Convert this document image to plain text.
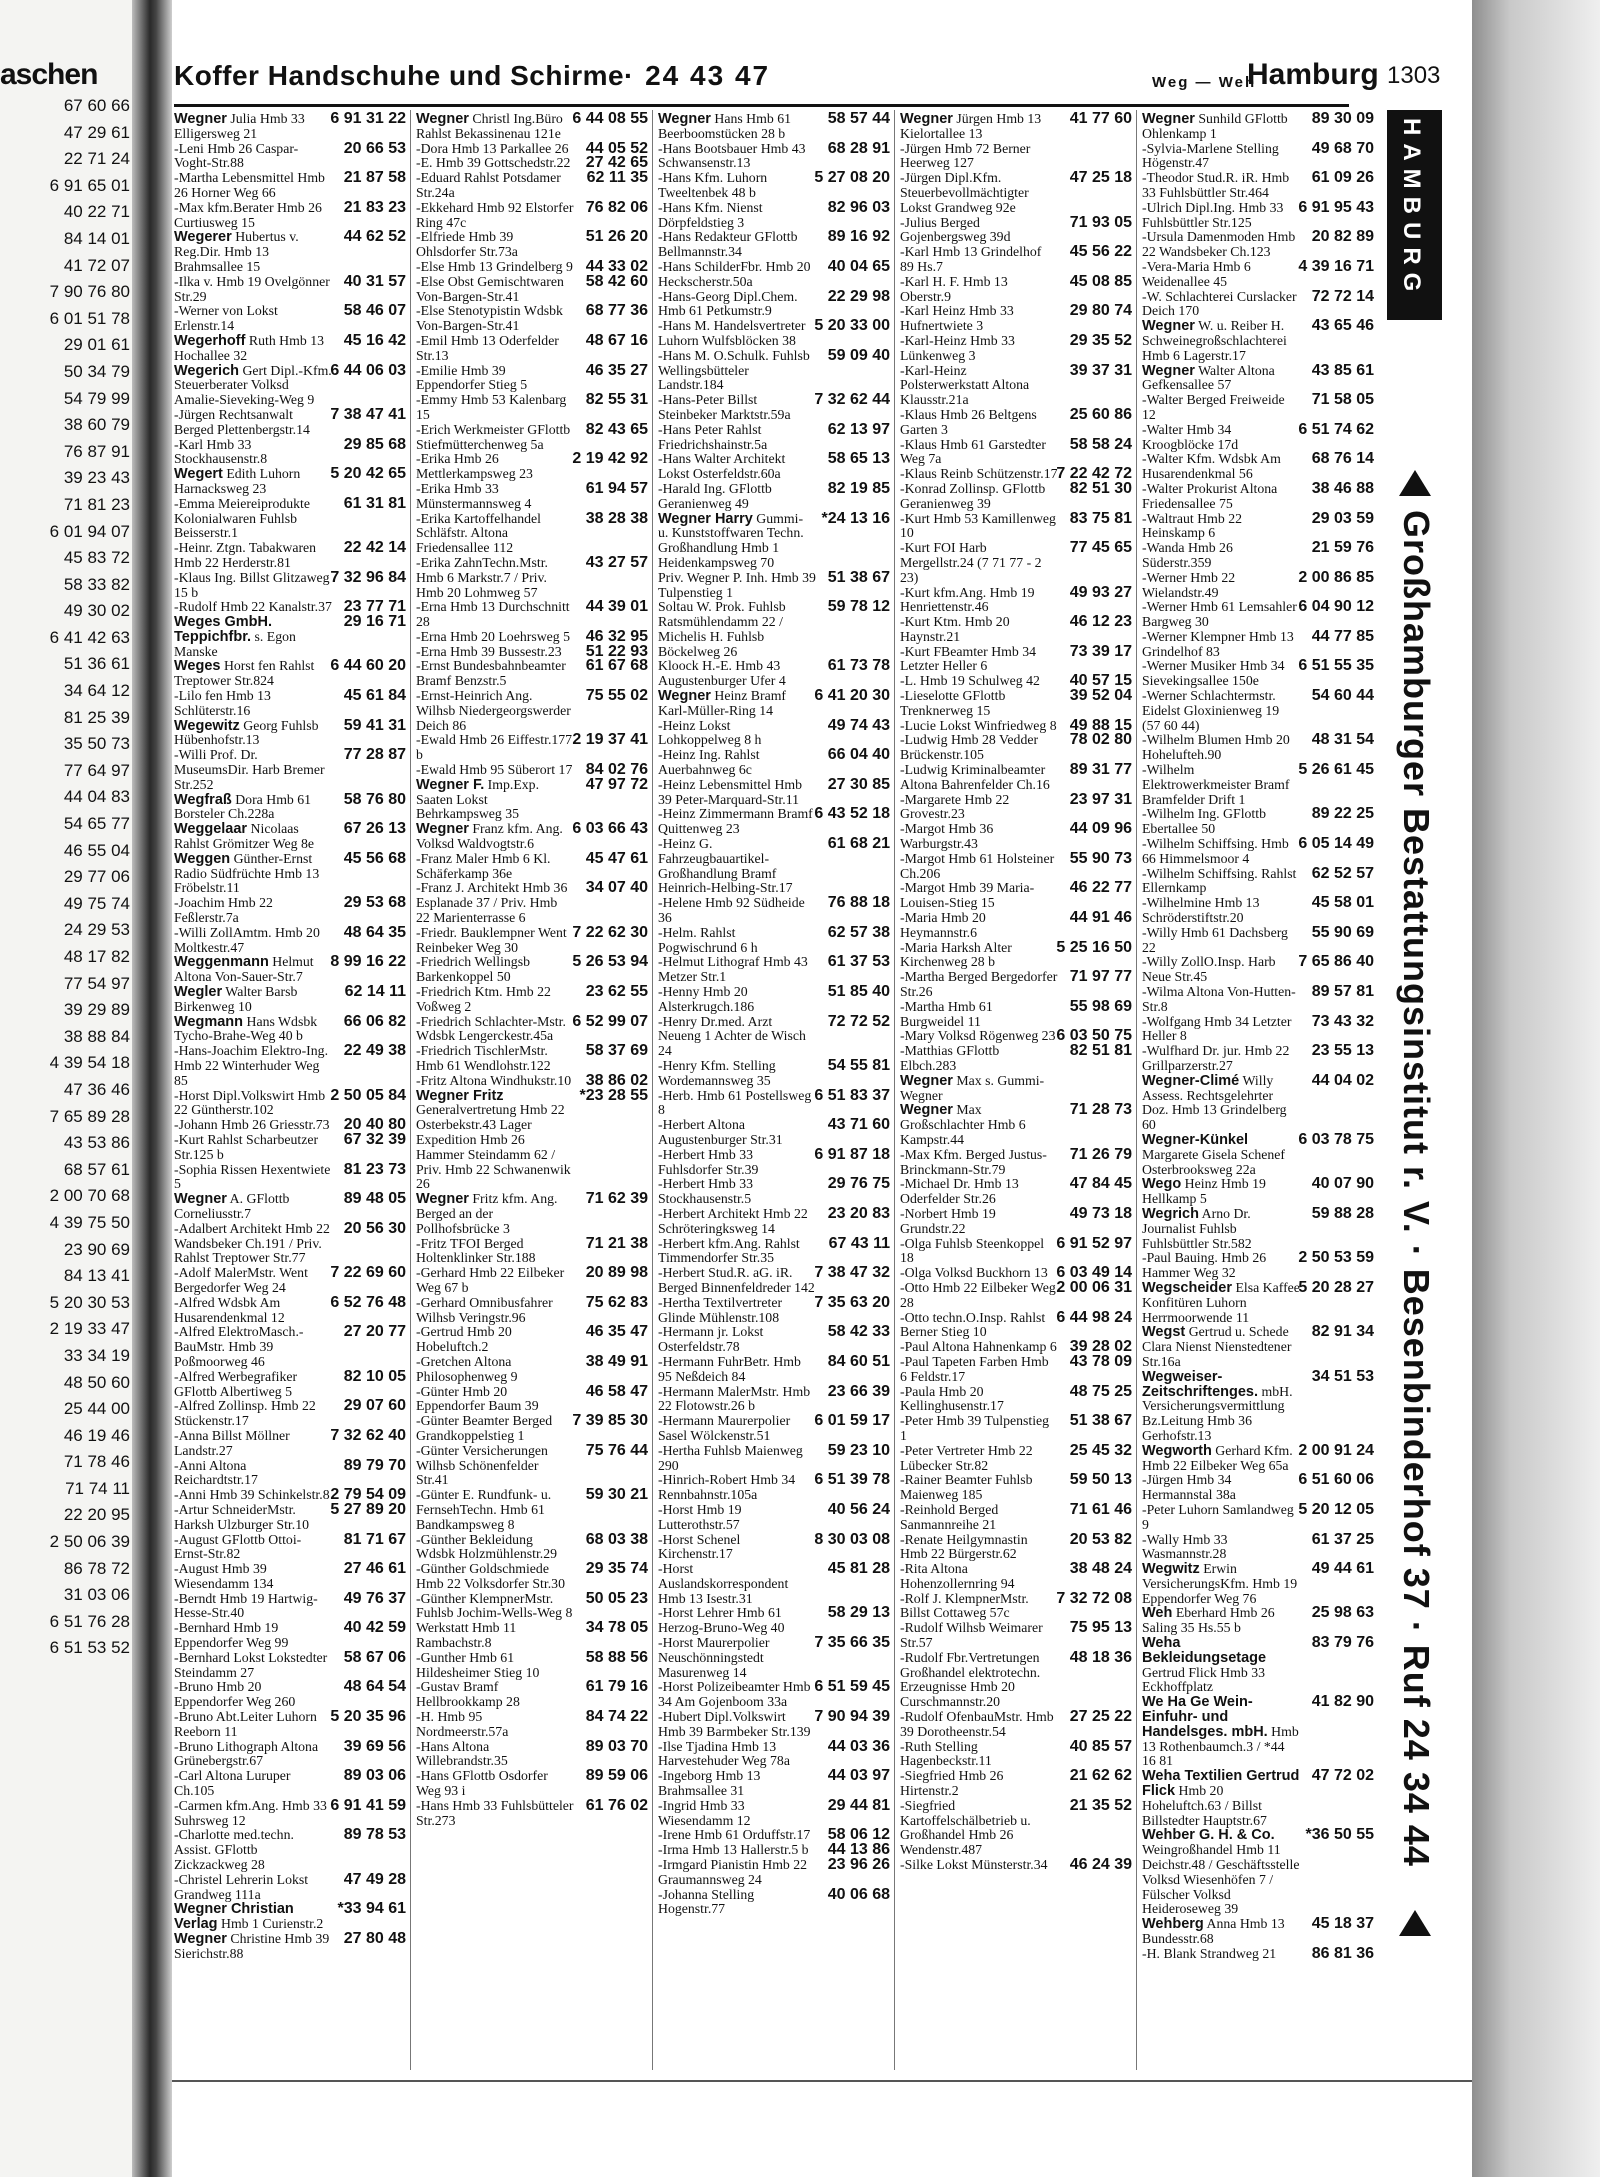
aschen
67 60 66
47 29 61
22 71 24
6 91 65 01
40 22 71
84 14 01
41 72 07
7 90 76 80
6 01 51 78
29 01 61
50 34 79
54 79 99
38 60 79
76 87 91
39 23 43
71 81 23
6 01 94 07
45 83 72
58 33 82
49 30 02
6 41 42 63
51 36 61
34 64 12
81 25 39
35 50 73
77 64 97
44 04 83
54 65 77
46 55 04
29 77 06
49 75 74
24 29 53
48 17 82
77 54 97
39 29 89
38 88 84
4 39 54 18
47 36 46
7 65 89 28
43 53 86
68 57 61
2 00 70 68
4 39 75 50
23 90 69
84 13 41
5 20 30 53
2 19 33 47
33 34 19
48 50 60
25 44 00
46 19 46
71 78 46
71 74 11
22 20 95
2 50 06 39
86 78 72
31 03 06
6 51 76 28
6 51 53 52
Koffer Handschuhe und Schirme · 24 43 47	Weg — Weh
Hamburg 1303
Wegner Julia Hmb 33 Elligersweg 21
6 91 31 22
-Leni Hmb 26 Caspar-Voght-Str.88
20 66 53
-Martha Lebensmittel Hmb 26 Horner Weg 66
21 87 58
-Max kfm.Berater Hmb 26 Curtiusweg 15
21 83 23
Wegerer Hubertus v. Reg.Dir. Hmb 13 Brahmsallee 15
44 62 52
-Ilka v. Hmb 19 Ovelgönner Str.29
40 31 57
-Werner von Lokst Erlenstr.14
58 46 07
Wegerhoff Ruth Hmb 13 Hochallee 32
45 16 42
Wegerich Gert Dipl.-Kfm. Steuerberater Volksd Amalie-Sieveking-Weg 9
6 44 06 03
-Jürgen Rechtsanwalt Berged Plettenbergstr.14
7 38 47 41
-Karl Hmb 33 Stockhausenstr.8
29 85 68
Wegert Edith Luhorn Harnacksweg 23
5 20 42 65
-Emma Meiereiprodukte Kolonialwaren Fuhlsb Beisserstr.1
61 31 81
-Heinr. Ztgn. Tabakwaren Hmb 22 Herderstr.81
22 42 14
-Klaus Ing. Billst Glitzaweg 15 b
7 32 96 84
-Rudolf Hmb 22 Kanalstr.37 23 77 71
Weges GmbH. Teppichfbr. s. Egon Manske
29 16 71
Weges Horst fen Rahlst Treptower Str.824
6 44 60 20
-Lilo fen Hmb 13 Schlüterstr.16
45 61 84
Wegewitz Georg Fuhlsb Hübenhofstr.13
59 41 31
-Willi Prof. Dr. MuseumsDir. Harb Bremer Str.252
77 28 87
Wegfraß Dora Hmb 61 Borsteler Ch.228a
58 76 80
Weggelaar Nicolaas Rahlst Grömitzer Weg 8e
67 26 13
Weggen Günther-Ernst Radio Südfrüchte Hmb 13 Fröbelstr.11
45 56 68
-Joachim Hmb 22 Feßlerstr.7a
29 53 68
-Willi ZollAmtm. Hmb 20 Moltkestr.47
48 64 35
Weggenmann Helmut Altona Von-Sauer-Str.7
8 99 16 22
Wegler Walter Barsb Birkenweg 10
62 14 11
Wegmann Hans Wdsbk Tycho-Brahe-Weg 40 b
66 06 82
-Hans-Joachim Elektro-Ing. Hmb 22 Winterhuder Weg 85
22 49 38
-Horst Dipl.Volkswirt Hmb 22 Güntherstr.102
2 50 05 84
-Johann Hmb 26 Griesstr.73 20 40 80
-Kurt Rahlst Scharbeutzer Str.125 b
67 32 39
-Sophia Rissen Hexentwiete 5
81 23 73
Wegner A. GFlottb Corneliusstr.7
89 48 05
-Adalbert Architekt Hmb 22 Wandsbeker Ch.191 / Priv. Rahlst Treptower Str.77
20 56 30
-Adolf MalerMstr. Went Bergedorfer Weg 24
7 22 69 60
-Alfred Wdsbk Am Husarendenkmal 12
6 52 76 48
-Alfred ElektroMasch.-BauMstr. Hmb 39 Poßmoorweg 46
27 20 77
-Alfred Werbegrafiker GFlottb Albertiweg 5
82 10 05
-Alfred Zollinsp. Hmb 22 Stückenstr.17
29 07 60
-Anna Billst Möllner Landstr.27
7 32 62 40
-Anni Altona Reichardtstr.17
89 79 70
-Anni Hmb 39 Schinkelstr.8 2 79 54 09
-Artur SchneiderMstr. Harksh Ulzburger Str.10
5 27 89 20
-August GFlottb Ottoi-Ernst-Str.82
81 71 67
-August Hmb 39 Wiesendamm 134
27 46 61
-Berndt Hmb 19 Hartwig-Hesse-Str.40
49 76 37
-Bernhard Hmb 19 Eppendorfer Weg 99
40 42 59
-Bernhard Lokst Lokstedter Steindamm 27
58 67 06
-Bruno Hmb 20 Eppendorfer Weg 260
48 64 54
-Bruno Abt.Leiter Luhorn Reeborn 11
5 20 35 96
-Bruno Lithograph Altona Grünebergstr.67
39 69 56
-Carl Altona Luruper Ch.105
89 03 06
-Carmen kfm.Ang. Hmb 33 Suhrsweg 12
6 91 41 59
-Charlotte med.techn. Assist. GFlottb Zickzackweg 28
89 78 53
-Christel Lehrerin Lokst Grandweg 111a
47 49 28
Wegner Christian Verlag Hmb 1 Curienstr.2
*33 94 61
Wegner Christine Hmb 39 Sierichstr.88
27 80 48
Wegner Christl Ing.Büro Rahlst Bekassinenau 121e
6 44 08 55
-Dora Hmb 13 Parkallee 26 44 05 52
-E. Hmb 39 Gottschedstr.22 27 42 65
-Eduard Rahlst Potsdamer Str.24a
62 11 35
-Ekkehard Hmb 92 Elstorfer Ring 47c
76 82 06
-Elfriede Hmb 39 Ohlsdorfer Str.73a
51 26 20
-Else Hmb 13 Grindelberg 9 44 33 02
-Else Obst Gemischtwaren Von-Bargen-Str.41
58 42 60
-Else Stenotypistin Wdsbk Von-Bargen-Str.41
68 77 36
-Emil Hmb 13 Oderfelder Str.13
48 67 16
-Emilie Hmb 39 Eppendorfer Stieg 5
46 35 27
-Emmy Hmb 53 Kalenbarg 15
82 55 31
-Erich Werkmeister GFlottb Stiefmütterchenweg 5a
82 43 65
-Erika Hmb 26 Mettlerkampsweg 23
2 19 42 92
-Erika Hmb 33 Münstermannsweg 4
61 94 57
-Erika Kartoffelhandel Schläfstr. Altona Friedensallee 112
38 28 38
-Erika ZahnTechn.Mstr. Hmb 6 Markstr.7 / Priv. Hmb 20 Lohmweg 57
43 27 57
-Erna Hmb 13 Durchschnitt 28
44 39 01
-Erna Hmb 20 Loehrsweg 5 46 32 95
-Erna Hmb 39 Bussestr.23 51 22 93
-Ernst Bundesbahnbeamter Bramf Benzstr.5
61 67 68
-Ernst-Heinrich Ang. Wilhsb Niedergeorgswerder Deich 86
75 55 02
-Ewald Hmb 26 Eiffestr.177 b
2 19 37 41
-Ewald Hmb 95 Süberort 17 84 02 76
Wegner F. Imp.Exp. Saaten Lokst Behrkampsweg 35
47 97 72
Wegner Franz kfm. Ang. Volksd Waldvogtstr.6
6 03 66 43
-Franz Maler Hmb 6 Kl. Schäferkamp 36e
45 47 61
-Franz J. Architekt Hmb 36 Esplanade 37 / Priv. Hmb 22 Marienterrasse 6
34 07 40
-Friedr. Bauklempner Went Reinbeker Weg 30
7 22 62 30
-Friedrich Wellingsb Barkenkoppel 50
5 26 53 94
-Friedrich Ktm. Hmb 22 Voßweg 2
23 62 55
-Friedrich Schlachter-Mstr. Wdsbk Lengerckestr.45a
6 52 99 07
-Friedrich TischlerMstr. Hmb 61 Wendlohstr.122
58 37 69
-Fritz Altona Windhukstr.10 38 86 02
Wegner Fritz Generalvertretung Hmb 22 Osterbekstr.43 Lager Expedition Hmb 26 Hammer Steindamm 62 / Priv. Hmb 22 Schwanenwik 26
*23 28 55
Wegner Fritz kfm. Ang. Berged an der Pollhofsbrücke 3
71 62 39
-Fritz TFOI Berged Holtenklinker Str.188
71 21 38
-Gerhard Hmb 22 Eilbeker Weg 67 b
20 89 98
-Gerhard Omnibusfahrer Wilhsb Veringstr.96
75 62 83
-Gertrud Hmb 20 Hobeluftch.2
46 35 47
-Gretchen Altona Philosophenweg 9
38 49 91
-Günter Hmb 20 Eppendorfer Baum 39
46 58 47
-Günter Beamter Berged Grandkoppelstieg 1
7 39 85 30
-Günter Versicherungen Wilhsb Schönenfelder Str.41
75 76 44
-Günter E. Rundfunk- u. FernsehTechn. Hmb 61 Bandkampsweg 8
59 30 21
-Günther Bekleidung Wdsbk Holzmühlenstr.29
68 03 38
-Günther Goldschmiede Hmb 22 Volksdorfer Str.30
29 35 74
-Günther KlempnerMstr. Fuhlsb Jochim-Wells-Weg 8
50 05 23
Werkstatt Hmb 11 Rambachstr.8
34 78 05
-Gunther Hmb 61 Hildesheimer Stieg 10
58 88 56
-Gustav Bramf Hellbrookkamp 28
61 79 16
-H. Hmb 95 Nordmeerstr.57a
84 74 22
-Hans Altona Willebrandstr.35
89 03 70
-Hans GFlottb Osdorfer Weg 93 i
89 59 06
-Hans Hmb 33 Fuhlsbütteler Str.273
61 76 02
Wegner Hans Hmb 61 Beerboomstücken 28 b
58 57 44
-Hans Bootsbauer Hmb 43 Schwansenstr.13
68 28 91
-Hans Kfm. Luhorn Tweeltenbek 48 b
5 27 08 20
-Hans Kfm. Nienst Dörpfeldstieg 3
82 96 03
-Hans Redakteur GFlottb Bellmannstr.34
89 16 92
-Hans SchilderFbr. Hmb 20 Heckscherstr.50a
40 04 65
-Hans-Georg Dipl.Chem. Hmb 61 Petkumstr.9
22 29 98
-Hans M. Handelsvertreter Luhorn Wulfsblöcken 38
5 20 33 00
-Hans M. O.Schulk. Fuhlsb Wellingsbütteler Landstr.184
59 09 40
-Hans-Peter Billst Steinbeker Marktstr.59a
7 32 62 44
-Hans Peter Rahlst Friedrichshainstr.5a
62 13 97
-Hans Walter Architekt Lokst Osterfeldstr.60a
58 65 13
-Harald Ing. GFlottb Geranienweg 49
82 19 85
Wegner Harry Gummi- u. Kunststoffwaren Techn. Großhandlung Hmb 1 Heidenkampsweg 70
*24 13 16
Priv. Wegner P. Inh. Hmb 39 Tulpenstieg 1
51 38 67
Soltau W. Prok. Fuhlsb Ratsmühlendamm 22 / Michelis H. Fuhlsb Böckelweg 26
59 78 12
Kloock H.-E. Hmb 43 Augustenburger Ufer 4
61 73 78
Wegner Heinz Bramf Karl-Müller-Ring 14
6 41 20 30
-Heinz Lokst Lohkoppelweg 8 h
49 74 43
-Heinz Ing. Rahlst Auerbahnweg 6c
66 04 40
-Heinz Lebensmittel Hmb 39 Peter-Marquard-Str.11
27 30 85
-Heinz Zimmermann Bramf Quittenweg 23
6 43 52 18
-Heinz G. Fahrzeugbauartikel-Großhandlung Bramf Heinrich-Helbing-Str.17
61 68 21
-Helene Hmb 92 Südheide 36
76 88 18
-Helm. Rahlst Pogwischrund 6 h
62 57 38
-Helmut Lithograf Hmb 43 Metzer Str.1
61 37 53
-Henny Hmb 20 Alsterkrugch.186
51 85 40
-Henry Dr.med. Arzt Neueng 1 Achter de Wisch 24
72 72 52
-Henry Kfm. Stelling Wordemannsweg 35
54 55 81
-Herb. Hmb 61 Postellsweg 8
6 51 83 37
-Herbert Altona Augustenburger Str.31
43 71 60
-Herbert Hmb 33 Fuhlsdorfer Str.39
6 91 87 18
-Herbert Hmb 33 Stockhausenstr.5
29 76 75
-Herbert Architekt Hmb 22 Schröteringksweg 14
23 20 83
-Herbert kfm.Ang. Rahlst Timmendorfer Str.35
67 43 11
-Herbert Stud.R. aG. iR. Berged Binnenfeldreder 142
7 38 47 32
-Hertha Textilvertreter Glinde Mühlenstr.108
7 35 63 20
-Hermann jr. Lokst Osterfeldstr.78
58 42 33
-Hermann FuhrBetr. Hmb 95 Neßdeich 84
84 60 51
-Hermann MalerMstr. Hmb 22 Flotowstr.26 b
23 66 39
-Hermann Maurerpolier Sasel Wölckenstr.51
6 01 59 17
-Hertha Fuhlsb Maienweg 290
59 23 10
-Hinrich-Robert Hmb 34 Rennbahnstr.105a
6 51 39 78
-Horst Hmb 19 Lutterothstr.57
40 56 24
-Horst Schenel Kirchenstr.17
8 30 03 08
-Horst Auslandskorrespondent Hmb 13 Isestr.31
45 81 28
-Horst Lehrer Hmb 61 Herzog-Bruno-Weg 40
58 29 13
-Horst Maurerpolier Neuschönningstedt Masurenweg 14
7 35 66 35
-Horst Polizeibeamter Hmb 34 Am Gojenboom 33a
6 51 59 45
-Hubert Dipl.Volkswirt Hmb 39 Barmbeker Str.139
7 90 94 39
-Ilse Tjadina Hmb 13 Harvestehuder Weg 78a
44 03 36
-Ingeborg Hmb 13 Brahmsallee 31
44 03 97
-Ingrid Hmb 33 Wiesendamm 12
29 44 81
-Irene Hmb 61 Orduffstr.17 58 06 12
-Irma Hmb 13 Hallerstr.5 b 44 13 86
-Irmgard Pianistin Hmb 22 Graumannsweg 24
23 96 26
-Johanna Stelling Hogenstr.77
40 06 68
Wegner Jürgen Hmb 13 Kielortallee 13
41 77 60
-Jürgen Hmb 72 Berner Heerweg 127
-Jürgen Dipl.Kfm. Steuerbevollmächtigter Lokst Grandweg 92e
47 25 18
-Julius Berged Gojenbergsweg 39d
71 93 05
-Karl Hmb 13 Grindelhof 89 Hs.7
45 56 22
-Karl H. F. Hmb 13 Oberstr.9
45 08 85
-Karl Heinz Hmb 33 Hufnertwiete 3
29 80 74
-Karl-Heinz Hmb 33 Lünkenweg 3
29 35 52
-Karl-Heinz Polsterwerkstatt Altona Klausstr.21a
39 37 31
-Klaus Hmb 26 Beltgens Garten 3
25 60 86
-Klaus Hmb 61 Garstedter Weg 7a
58 58 24
-Klaus Reinb Schützenstr.17
7 22 42 72
-Konrad Zollinsp. GFlottb Geranienweg 39
82 51 30
-Kurt Hmb 53 Kamillenweg 10
83 75 81
-Kurt FOI Harb Mergellstr.24 (7 71 77 - 2 23)
77 45 65
-Kurt kfm.Ang. Hmb 19 Henriettenstr.46
49 93 27
-Kurt Ktm. Hmb 20 Haynstr.21
46 12 23
-Kurt FBeamter Hmb 34 Letzter Heller 6
73 39 17
-L. Hmb 19 Schulweg 42 40 57 15
-Lieselotte GFlottb Trenknerweg 15
39 52 04
-Lucie Lokst Winfriedweg 8 49 88 15
-Ludwig Hmb 28 Vedder Brückenstr.105
78 02 80
-Ludwig Kriminalbeamter Altona Bahrenfelder Ch.16
89 31 77
-Margarete Hmb 22 Grovestr.23
23 97 31
-Margot Hmb 36 Warburgstr.43
44 09 96
-Margot Hmb 61 Holsteiner Ch.206
55 90 73
-Margot Hmb 39 Maria-Louisen-Stieg 15
46 22 77
-Maria Hmb 20 Heymannstr.6
44 91 46
-Maria Harksh Alter Kirchenweg 28 b
5 25 16 50
-Martha Berged Bergedorfer Str.26
71 97 77
-Martha Hmb 61 Burgweidel 11
55 98 69
-Mary Volksd Rögenweg 23 6 03 50 75
-Matthias GFlottb Elbch.283
82 51 81
Wegner Max s. Gummi-Wegner
Wegner Max Großschlachter Hmb 6 Kampstr.44
71 28 73
-Max Kfm. Berged Justus-Brinckmann-Str.79
71 26 79
-Michael Dr. Hmb 13 Oderfelder Str.26
47 84 45
-Norbert Hmb 19 Grundstr.22
49 73 18
-Olga Fuhlsb Steenkoppel 18
6 91 52 97
-Olga Volksd Buckhorn 13 6 03 49 14
-Otto Hmb 22 Eilbeker Weg 28
2 00 06 31
-Otto techn.O.Insp. Rahlst Berner Stieg 10
6 44 98 24
-Paul Altona Hahnenkamp 6 39 28 02
-Paul Tapeten Farben Hmb 6 Feldstr.17
43 78 09
-Paula Hmb 20 Kellinghusenstr.17
48 75 25
-Peter Hmb 39 Tulpenstieg 1
51 38 67
-Peter Vertreter Hmb 22 Lübecker Str.82
25 45 32
-Rainer Beamter Fuhlsb Maienweg 185
59 50 13
-Reinhold Berged Sanmannreihe 21
71 61 46
-Renate Heilgymnastin Hmb 22 Bürgerstr.62
20 53 82
-Rita Altona Hohenzollernring 94
38 48 24
-Rolf J. KlempnerMstr. Billst Cottaweg 57c
7 32 72 08
-Rudolf Wilhsb Weimarer Str.57
75 95 13
-Rudolf Fbr.Vertretungen Großhandel elektrotechn. Erzeugnisse Hmb 20 Curschmannstr.20
48 18 36
-Rudolf OfenbauMstr. Hmb 39 Dorotheenstr.54
27 25 22
-Ruth Stelling Hagenbeckstr.11
40 85 57
-Siegfried Hmb 26 Hirtenstr.2
21 62 62
-Siegfried Kartoffelschälbetrieb u. Großhandel Hmb 26 Wendenstr.487
21 35 52
-Silke Lokst Münsterstr.34 46 24 39
Wegner Sunhild GFlottb Ohlenkamp 1
89 30 09
-Sylvia-Marlene Stelling Högenstr.47
49 68 70
-Theodor Stud.R. iR. Hmb 33 Fuhlsbüttler Str.464
61 09 26
-Ulrich Dipl.Ing. Hmb 33 Fuhlsbüttler Str.125
6 91 95 43
-Ursula Damenmoden Hmb 22 Wandsbeker Ch.123
20 82 89
-Vera-Maria Hmb 6 Weidenallee 45
4 39 16 71
-W. Schlachterei Curslacker Deich 170
72 72 14
Wegner W. u. Reiber H. Schweinegroßschlachterei Hmb 6 Lagerstr.17
43 65 46
Wegner Walter Altona Gefkensallee 57
43 85 61
-Walter Berged Freiweide 12
71 58 05
-Walter Hmb 34 Kroogblöcke 17d
6 51 74 62
-Walter Kfm. Wdsbk Am Husarendenkmal 56
68 76 14
-Walter Prokurist Altona Friedensallee 75
38 46 88
-Waltraut Hmb 22 Heinskamp 6
29 03 59
-Wanda Hmb 26 Süderstr.359
21 59 76
-Werner Hmb 22 Wielandstr.49
2 00 86 85
-Werner Hmb 61 Lemsahler Bargweg 30
6 04 90 12
-Werner Klempner Hmb 13 Grindelhof 83
44 77 85
-Werner Musiker Hmb 34 Sievekingsallee 150e
6 51 55 35
-Werner Schlachtermstr. Eidelst Gloxinienweg 19 (57 60 44)
54 60 44
-Wilhelm Blumen Hmb 20 Hohelufteh.90
48 31 54
-Wilhelm Elektrowerkmeister Bramf Bramfelder Drift 1
5 26 61 45
-Wilhelm Ing. GFlottb Ebertallee 50
89 22 25
-Wilhelm Schiffsing. Hmb 66 Himmelsmoor 4
6 05 14 49
-Wilhelm Schiffsing. Rahlst Ellernkamp
62 52 57
-Wilhelmine Hmb 13 Schröderstiftstr.20
45 58 01
-Willy Hmb 61 Dachsberg 22
55 90 69
-Willy ZollO.Insp. Harb Neue Str.45
7 65 86 40
-Wilma Altona Von-Hutten-Str.8
89 57 81
-Wolfgang Hmb 34 Letzter Heller 8
73 43 32
-Wulfhard Dr. jur. Hmb 22 Grillparzerstr.27
23 55 13
Wegner-Climé Willy Assess. Rechtsgelehrter Doz. Hmb 13 Grindelberg 60
44 04 02
Wegner-Künkel Margarete Gisela Schenef Osterbrooksweg 22a
6 03 78 75
Wego Heinz Hmb 19 Hellkamp 5
40 07 90
Wegrich Arno Dr. Journalist Fuhlsb Fuhlsbüttler Str.582
59 88 28
-Paul Bauing. Hmb 26 Hammer Weg 32
2 50 53 59
Wegscheider Elsa Kaffee Konfitüren Luhorn Herrmoorwende 11
5 20 28 27
Wegst Gertrud u. Schede Clara Nienst Nienstedtener Str.16a
82 91 34
Wegweiser-Zeitschriftenges. mbH. Versicherungsvermittlung Bz.Leitung Hmb 36 Gerhofstr.13
34 51 53
Wegworth Gerhard Kfm. Hmb 22 Eilbeker Weg 65a
2 00 91 24
-Jürgen Hmb 34 Hermannstal 38a
6 51 60 06
-Peter Luhorn Samlandweg 9
5 20 12 05
-Wally Hmb 33 Wasmannstr.28
61 37 25
Wegwitz Erwin VersicherungsKfm. Hmb 19 Eppendorfer Weg 76
49 44 61
Weh Eberhard Hmb 26 Saling 35 Hs.55 b
25 98 63
Weha Bekleidungsetage Gertrud Flick Hmb 33 Eckhoffplatz
83 79 76
We Ha Ge Wein-Einfuhr- und Handelsges. mbH. Hmb 13 Rothenbaumch.3 / *44 16 81
41 82 90
Weha Textilien Gertrud Flick Hmb 20 Hoheluftch.63 / Billst Billstedter Hauptstr.67
47 72 02
Wehber G. H. & Co. Weingroßhandel Hmb 11 Deichstr.48 / Geschäftsstelle Volksd Wiesenhöfen 7 / Fülscher Volksd Heideroseweg 39
*36 50 55
Wehberg Anna Hmb 13 Bundesstr.68
45 18 37
-H. Blank Strandweg 21 86 81 36
HAMBURG
Großhamburger Bestattungsinstitut r. V. · Besenbinderhof 37 · Ruf 24 34 44
